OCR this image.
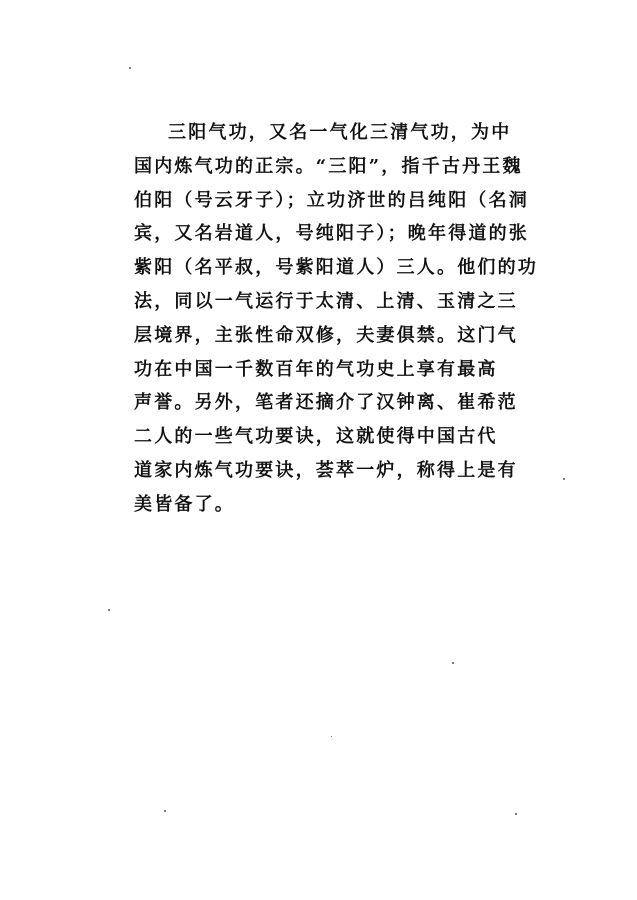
三阳气功，又名一气化三清气功，为中
国内炼气功的正宗。“三阳”，指千古丹王魏
伯阳（号云牙子）；立功济世的吕纯阳（名洞
宾，又名岩道人，号纯阳子）；晚年得道的张
紫阳（名平叔，号紫阳道人）三人。他们的功
法，同以一气运行于太清、上清、玉清之三
层境界，主张性命双修，夫妻俱禁。这门气
功在中国一千数百年的气功史上享有最高
声誉。另外，笔者还摘介了汉钟离、崔希范
二人的一些气功要诀，这就使得中国古代
道家内炼气功要诀，荟萃一炉，称得上是有
美皆备了。
